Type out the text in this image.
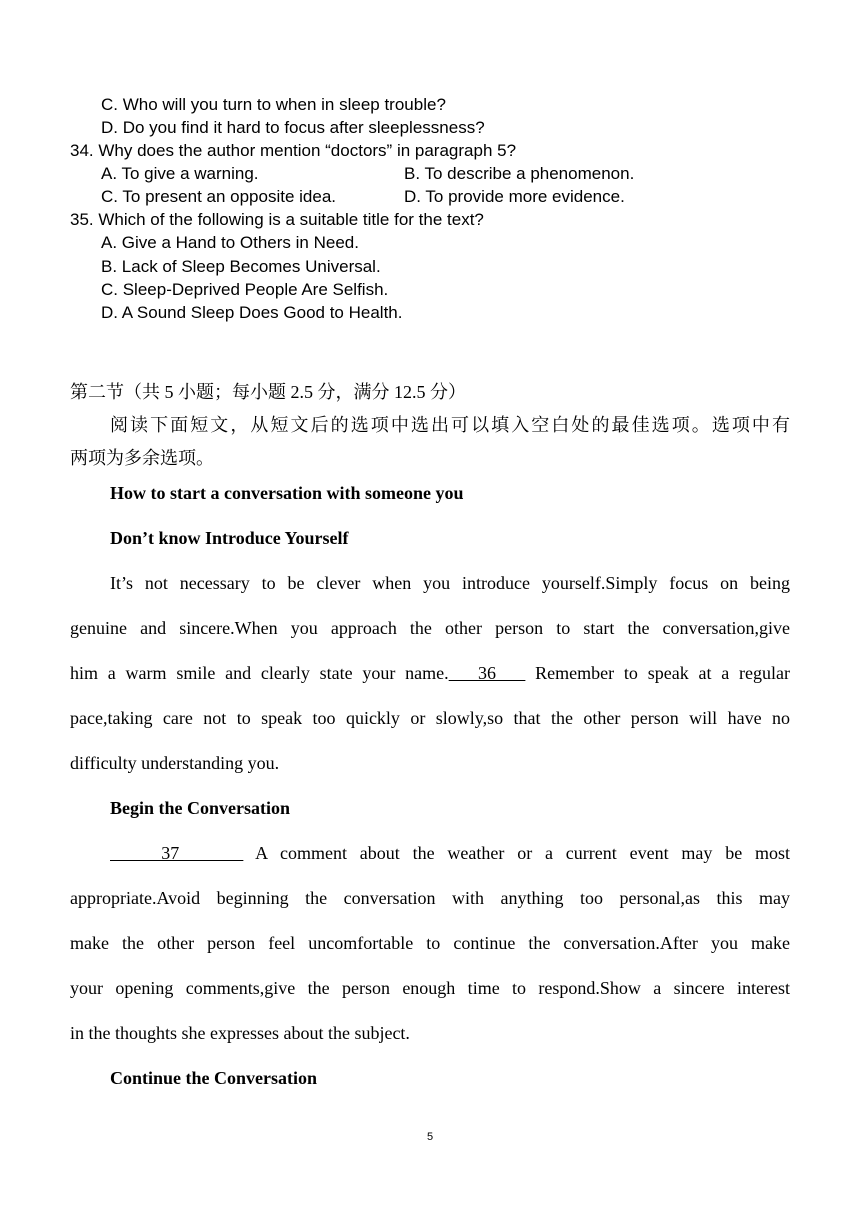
C. Who will you turn to when in sleep trouble?
D. Do you find it hard to focus after sleeplessness?
34. Why does the author mention “doctors” in paragraph 5?
A. To give a warning.	B. To describe a phenomenon.
C. To present an opposite idea.	D. To provide more evidence.
35. Which of the following is a suitable title for the text?
A. Give a Hand to Others in Need.
B. Lack of Sleep Becomes Universal.
C. Sleep-Deprived People Are Selfish.
D. A Sound Sleep Does Good to Health.
第二节（共 5 小题；每小题 2.5 分，满分 12.5 分）
阅读下面短文，从短文后的选项中选出可以填入空白处的最佳选项。选项中有
两项为多余选项。
How to start a conversation with someone you
Don’t know Introduce Yourself
It’s not necessary to be clever when you introduce yourself.Simply focus on being
genuine and sincere.When you approach the other person to start the conversation,give
him a warm smile and clearly state your name.   36    Remember to speak at a regular
pace,taking care not to speak too quickly or slowly,so that the other person will have no
difficulty understanding you.
Begin the Conversation
37      A comment about the weather or a current event may be most
appropriate.Avoid beginning the conversation with anything too personal,as this may
make the other person feel uncomfortable to continue the conversation.After you make
your opening comments,give the person enough time to respond.Show a sincere interest
in the thoughts she expresses about the subject.
Continue the Conversation
5
